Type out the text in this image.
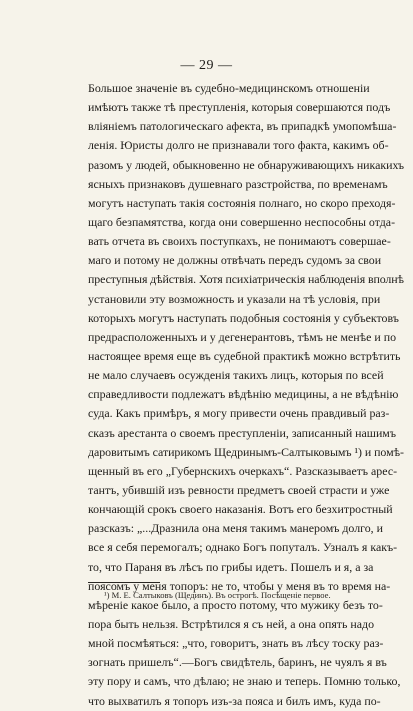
— 29 —
Большое значеніе въ судебно-медицинскомъ отношеніи
имѣютъ также тѣ преступленія, которыя совершаются подъ
вліяніемъ патологическаго афекта, въ припадкѣ умопомѣша-
ленія. Юристы долго не признавали того факта, какимъ об-
разомъ у людей, обыкновенно не обнаруживающихъ никакихъ
ясныхъ признаковъ душевнаго разстройства, по временамъ
могутъ наступать такія состоянія полнаго, но скоро преходя-
щаго безпамятства, когда они совершенно неспособны отда-
вать отчета въ своихъ поступкахъ, не понимаютъ совершае-
маго и потому не должны отвѣчать передъ судомъ за свои
преступныя дѣйствія. Хотя психіатрическія наблюденія вполнѣ
установили эту возможность и указали на тѣ условія, при
которыхъ могутъ наступать подобныя состоянія у субъектовъ
предрасположенныхъ и у дегенерантовъ, тѣмъ не менѣе и по
настоящее время еще въ судебной практикѣ можно встрѣтить
не мало случаевъ осужденія такихъ лицъ, которыя по всей
справедливости подлежатъ вѣдѣнію медицины, а не вѣдѣнію
суда. Какъ примѣръ, я могу привести очень правдивый раз-
сказъ арестанта о своемъ преступленіи, записанный нашимъ
даровитымъ сатирикомъ Щедринымъ-Салтыковымъ ¹) и помѣ-
щенный въ его „Губернскихъ очеркахъ“. Разсказываетъ арес-
тантъ, убившій изъ ревности предметъ своей страсти и уже
кончающій срокъ своего наказанія. Вотъ его безхитростный
разсказъ: „...Дразнила она меня такимъ манеромъ долго, и
все я себя перемогалъ; однако Богъ попуталъ. Узналъ я какъ-
то, что Параня въ лѣсъ по грибы идетъ. Пошелъ и я, а за
поясомъ у меня топоръ: не то, чтобы у меня въ то время на-
мѣреніе какое было, а просто потому, что мужику безъ то-
пора быть нельзя. Встрѣтился я съ ней, а она опять надо
мной посмѣяться: „что, говоритъ, знать въ лѣсу тоску раз-
зогнать пришелъ“.—Богъ свидѣтель, баринъ, не чуялъ я въ
эту пору и самъ, что дѣлаю; не знаю и теперь. Помню только,
что выхватилъ я топоръ изъ-за пояса и билъ имъ, куда по-
¹) М. Е. Салтыковъ (Щединъ). Въ острогѣ. Посѣщеніе первое.
